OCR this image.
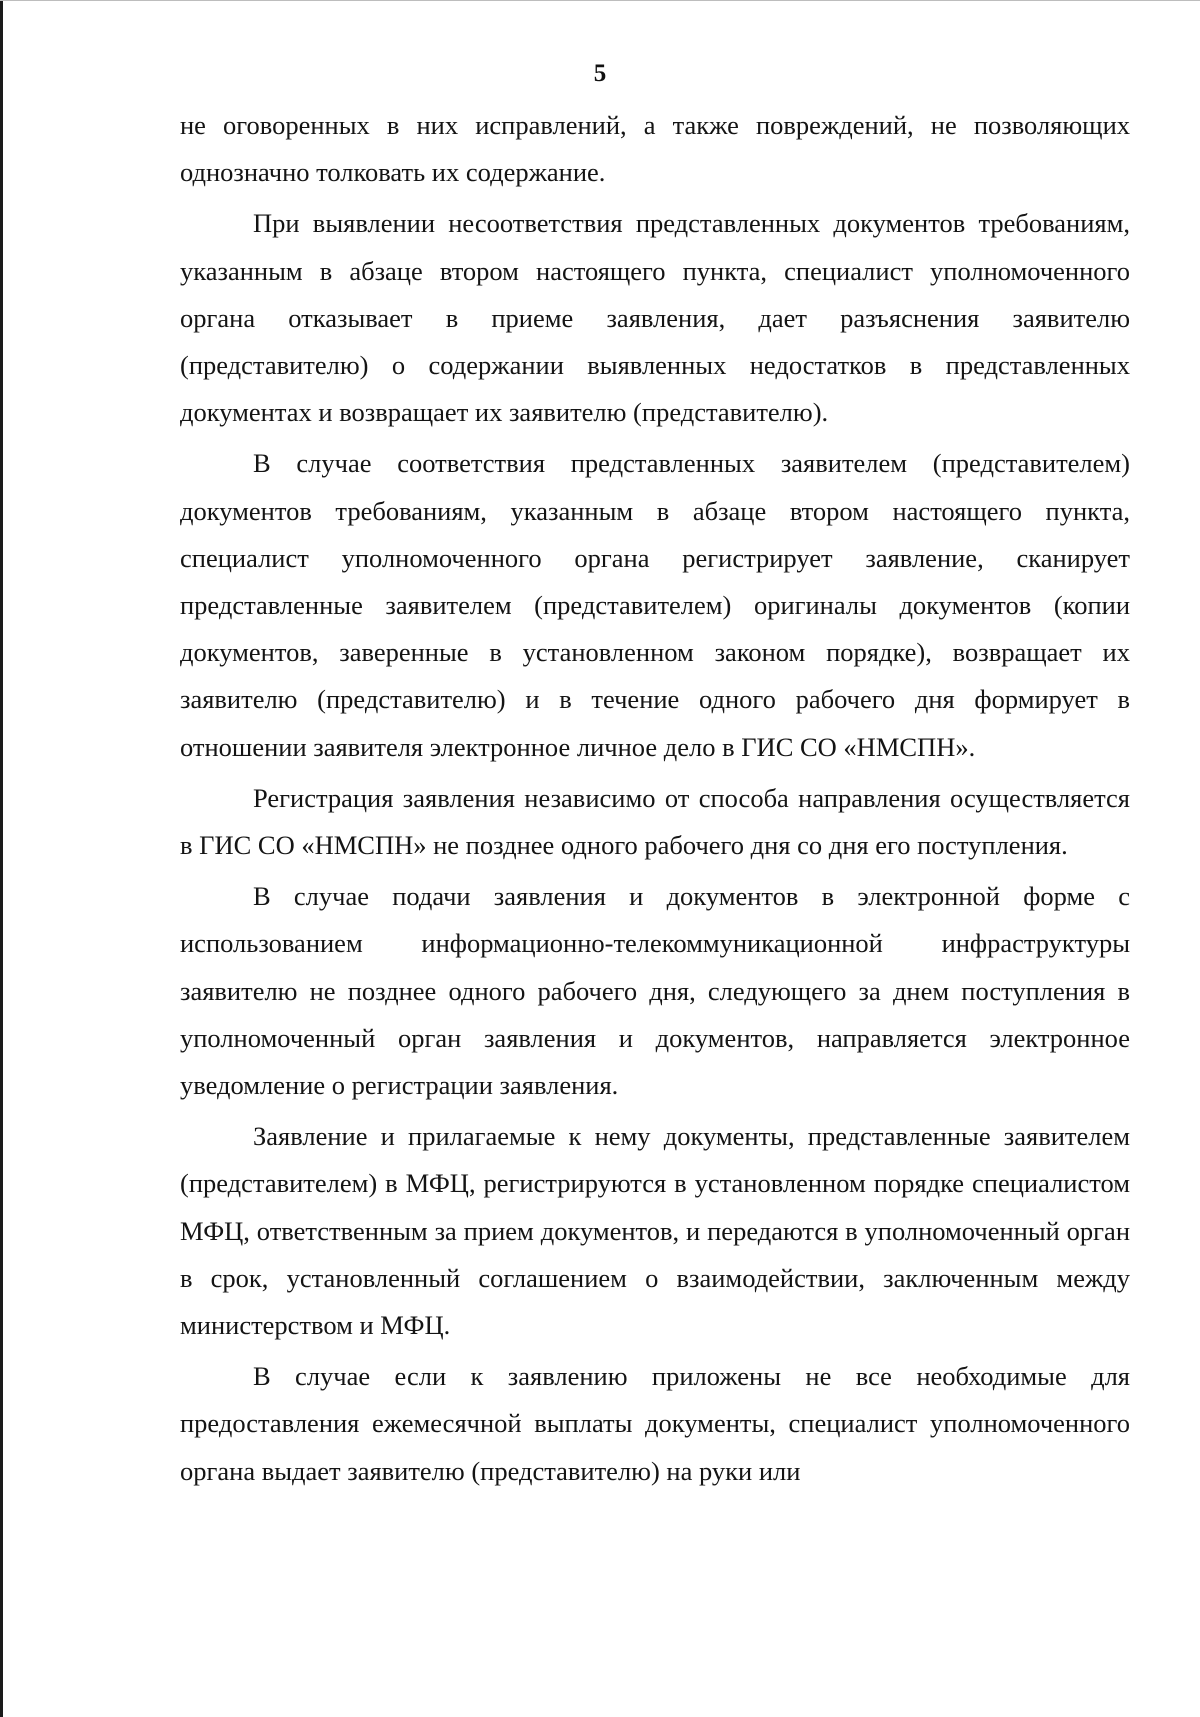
5

не оговоренных в них исправлений, а также повреждений, не позволяющих однозначно толковать их содержание.

При выявлении несоответствия представленных документов требованиям, указанным в абзаце втором настоящего пункта, специалист уполномоченного органа отказывает в приеме заявления, дает разъяснения заявителю (представителю) о содержании выявленных недостатков в представленных документах и возвращает их заявителю (представителю).

В случае соответствия представленных заявителем (представителем) документов требованиям, указанным в абзаце втором настоящего пункта, специалист уполномоченного органа регистрирует заявление, сканирует представленные заявителем (представителем) оригиналы документов (копии документов, заверенные в установленном законом порядке), возвращает их заявителю (представителю) и в течение одного рабочего дня формирует в отношении заявителя электронное личное дело в ГИС СО «НМСПН».

Регистрация заявления независимо от способа направления осуществляется в ГИС СО «НМСПН» не позднее одного рабочего дня со дня его поступления.

В случае подачи заявления и документов в электронной форме с использованием информационно-телекоммуникационной инфраструктуры заявителю не позднее одного рабочего дня, следующего за днем поступления в уполномоченный орган заявления и документов, направляется электронное уведомление о регистрации заявления.

Заявление и прилагаемые к нему документы, представленные заявителем (представителем) в МФЦ, регистрируются в установленном порядке специалистом МФЦ, ответственным за прием документов, и передаются в уполномоченный орган в срок, установленный соглашением о взаимодействии, заключенным между министерством и МФЦ.

В случае если к заявлению приложены не все необходимые для предоставления ежемесячной выплаты документы, специалист уполномоченного органа выдает заявителю (представителю) на руки или
